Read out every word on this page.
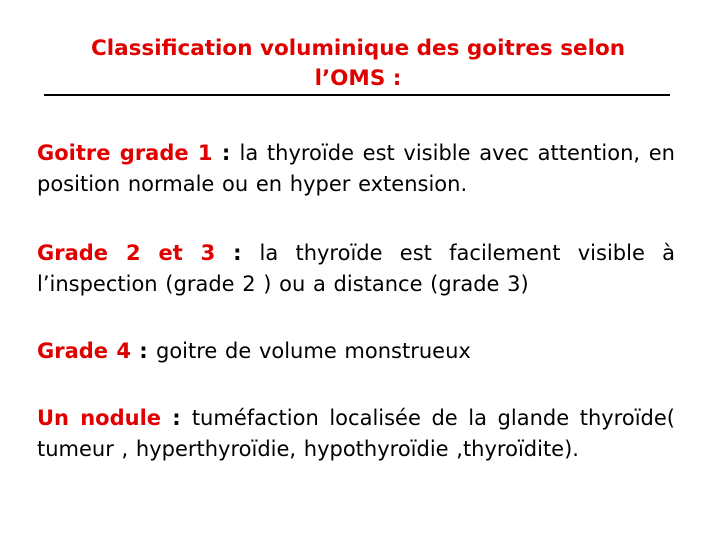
Classification voluminique des goitres selon
l’OMS :
Goitre grade 1 : la thyroïde est visible avec attention, en position normale ou en hyper extension.
Grade 2 et 3 : la thyroïde est facilement visible à l’inspection (grade 2 ) ou a distance (grade 3)
Grade 4 : goitre de volume monstrueux
Un nodule : tuméfaction localisée de la glande thyroïde( tumeur , hyperthyroïdie, hypothyroïdie ,thyroïdite).
